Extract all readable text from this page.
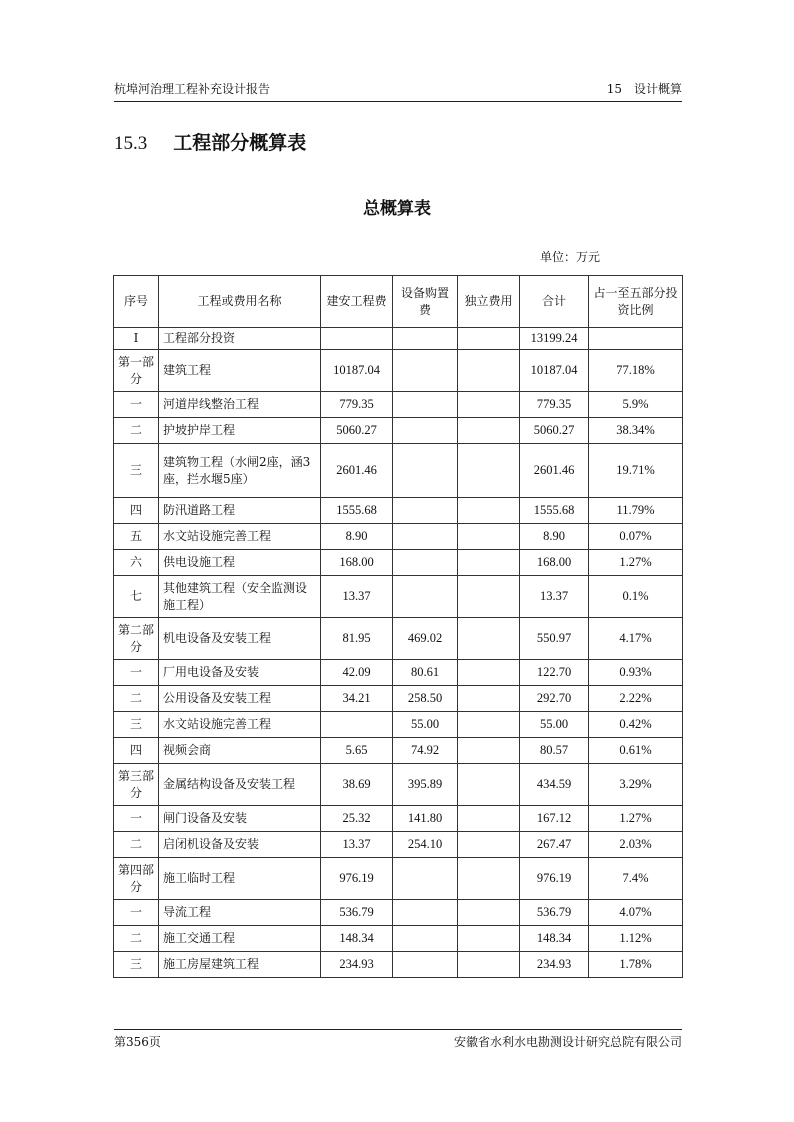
杭埠河治理工程补充设计报告	15　设计概算
15.3 工程部分概算表
总概算表
单位：万元
序号	工程或费用名称	建安工程费	设备购置费	独立费用	合计	占一至五部分投资比例
I	工程部分投资				13199.24	
第一部分	建筑工程	10187.04			10187.04	77.18%
一	河道岸线整治工程	779.35			779.35	5.9%
二	护坡护岸工程	5060.27			5060.27	38.34%
三	建筑物工程（水闸2座，涵3座，拦水堰5座）	2601.46			2601.46	19.71%
四	防汛道路工程	1555.68			1555.68	11.79%
五	水文站设施完善工程	8.90			8.90	0.07%
六	供电设施工程	168.00			168.00	1.27%
七	其他建筑工程（安全监测设施工程）	13.37			13.37	0.1%
第二部分	机电设备及安装工程	81.95	469.02		550.97	4.17%
一	厂用电设备及安装	42.09	80.61		122.70	0.93%
二	公用设备及安装工程	34.21	258.50		292.70	2.22%
三	水文站设施完善工程		55.00		55.00	0.42%
四	视频会商	5.65	74.92		80.57	0.61%
第三部分	金属结构设备及安装工程	38.69	395.89		434.59	3.29%
一	闸门设备及安装	25.32	141.80		167.12	1.27%
二	启闭机设备及安装	13.37	254.10		267.47	2.03%
第四部分	施工临时工程	976.19			976.19	7.4%
一	导流工程	536.79			536.79	4.07%
二	施工交通工程	148.34			148.34	1.12%
三	施工房屋建筑工程	234.93			234.93	1.78%
第356页	安徽省水利水电勘测设计研究总院有限公司
